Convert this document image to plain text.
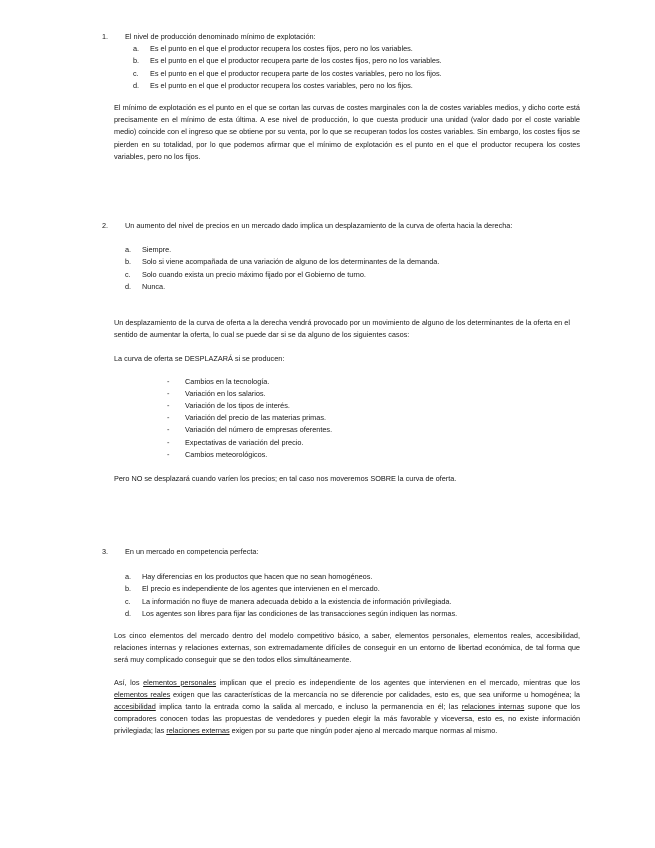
1. El nivel de producción denominado mínimo de explotación:

a. Es el punto en el que el productor recupera los costes fijos, pero no los variables.
b. Es el punto en el que el productor recupera parte de los costes fijos, pero no los variables.
c. Es el punto en el que el productor recupera parte de los costes variables, pero no los fijos.
d. Es el punto en el que el productor recupera los costes variables, pero no los fijos.

El mínimo de explotación es el punto en el que se cortan las curvas de costes marginales con la de costes variables medios, y dicho corte está precisamente en el mínimo de esta última. A ese nivel de producción, lo que cuesta producir una unidad (valor dado por el coste variable medio) coincide con el ingreso que se obtiene por su venta, por lo que se recuperan todos los costes variables. Sin embargo, los costes fijos se pierden en su totalidad, por lo que podemos afirmar que el mínimo de explotación es el punto en el que el productor recupera los costes variables, pero no los fijos.

2. Un aumento del nivel de precios en un mercado dado implica un desplazamiento de la curva de oferta hacia la derecha:

a. Siempre.
b. Solo si viene acompañada de una variación de alguno de los determinantes de la demanda.
c. Solo cuando exista un precio máximo fijado por el Gobierno de turno.
d. Nunca.

Un desplazamiento de la curva de oferta a la derecha vendrá provocado por un movimiento de alguno de los determinantes de la oferta en el sentido de aumentar la oferta, lo cual se puede dar si se da alguno de los siguientes casos:

La curva de oferta se DESPLAZARÁ si se producen:

- Cambios en la tecnología.
- Variación en los salarios.
- Variación de los tipos de interés.
- Variación del precio de las materias primas.
- Variación del número de empresas oferentes.
- Expectativas de variación del precio.
- Cambios meteorológicos.

Pero NO se desplazará cuando varíen los precios; en tal caso nos moveremos SOBRE la curva de oferta.

3. En un mercado en competencia perfecta:

a. Hay diferencias en los productos que hacen que no sean homogéneos.
b. El precio es independiente de los agentes que intervienen en el mercado.
c. La información no fluye de manera adecuada debido a la existencia de información privilegiada.
d. Los agentes son libres para fijar las condiciones de las transacciones según indiquen las normas.

Los cinco elementos del mercado dentro del modelo competitivo básico, a saber, elementos personales, elementos reales, accesibilidad, relaciones internas y relaciones externas, son extremadamente difíciles de conseguir en un entorno de libertad económica, de tal forma que será muy complicado conseguir que se den todos ellos simultáneamente.

Así, los elementos personales implican que el precio es independiente de los agentes que intervienen en el mercado, mientras que los elementos reales exigen que las características de la mercancía no se diferencie por calidades, esto es, que sea uniforme u homogénea; la accesibilidad implica tanto la entrada como la salida al mercado, e incluso la permanencia en él; las relaciones internas supone que los compradores conocen todas las propuestas de vendedores y pueden elegir la más favorable y viceversa, esto es, no existe información privilegiada; las relaciones externas exigen por su parte que ningún poder ajeno al mercado marque normas al mismo.
